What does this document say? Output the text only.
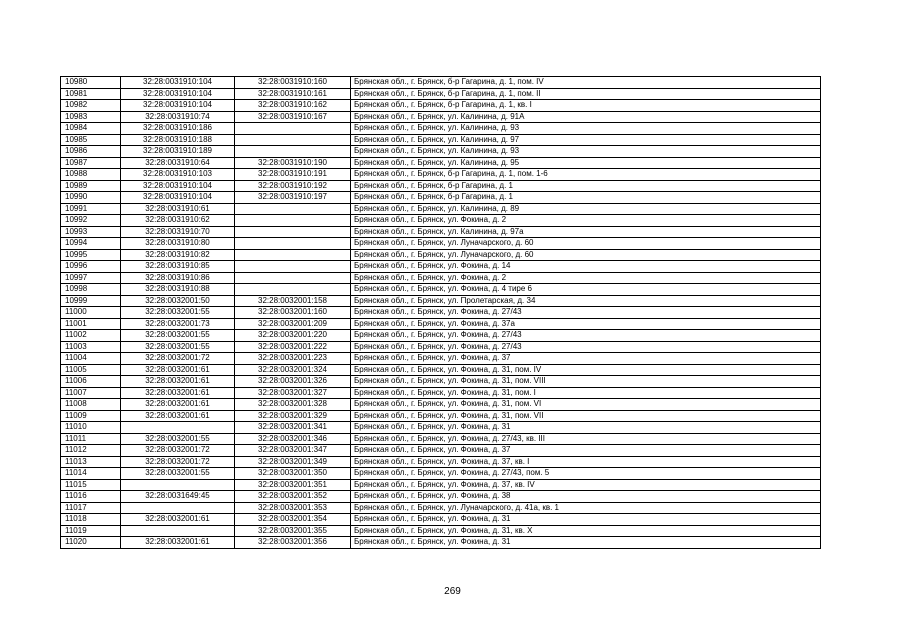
10980	32:28:0031910:104	32:28:0031910:160	Брянская обл., г. Брянск, б-р Гагарина, д. 1, пом. IV
10981	32:28:0031910:104	32:28:0031910:161	Брянская обл., г. Брянск, б-р Гагарина, д. 1, пом. II
10982	32:28:0031910:104	32:28:0031910:162	Брянская обл., г. Брянск, б-р Гагарина, д. 1, кв. I
10983	32:28:0031910:74	32:28:0031910:167	Брянская обл., г. Брянск, ул. Калинина, д. 91А
10984	32:28:0031910:186		Брянская обл., г. Брянск, ул. Калинина, д. 93
10985	32:28:0031910:188		Брянская обл., г. Брянск, ул. Калинина, д. 97
10986	32:28:0031910:189		Брянская обл., г. Брянск, ул. Калинина, д. 93
10987	32:28:0031910:64	32:28:0031910:190	Брянская обл., г. Брянск, ул. Калинина, д. 95
10988	32:28:0031910:103	32:28:0031910:191	Брянская обл., г. Брянск, б-р Гагарина, д. 1, пом. 1-6
10989	32:28:0031910:104	32:28:0031910:192	Брянская обл., г. Брянск, б-р Гагарина, д. 1
10990	32:28:0031910:104	32:28:0031910:197	Брянская обл., г. Брянск, б-р Гагарина, д. 1
10991	32:28:0031910:61		Брянская обл., г. Брянск, ул. Калинина, д. 89
10992	32:28:0031910:62		Брянская обл., г. Брянск, ул. Фокина, д. 2
10993	32:28:0031910:70		Брянская обл., г. Брянск, ул. Калинина, д. 97а
10994	32:28:0031910:80		Брянская обл., г. Брянск, ул. Луначарского, д. 60
10995	32:28:0031910:82		Брянская обл., г. Брянск, ул. Луначарского, д. 60
10996	32:28:0031910:85		Брянская обл., г. Брянск, ул. Фокина, д. 14
10997	32:28:0031910:86		Брянская обл., г. Брянск, ул. Фокина, д. 2
10998	32:28:0031910:88		Брянская обл., г. Брянск, ул. Фокина, д. 4 тире 6
10999	32:28:0032001:50	32:28:0032001:158	Брянская обл., г. Брянск, ул. Пролетарская, д. 34
11000	32:28:0032001:55	32:28:0032001:160	Брянская обл., г. Брянск, ул. Фокина, д. 27/43
11001	32:28:0032001:73	32:28:0032001:209	Брянская обл., г. Брянск, ул. Фокина, д. 37а
11002	32:28:0032001:55	32:28:0032001:220	Брянская обл., г. Брянск, ул. Фокина, д. 27/43
11003	32:28:0032001:55	32:28:0032001:222	Брянская обл., г. Брянск, ул. Фокина, д. 27/43
11004	32:28:0032001:72	32:28:0032001:223	Брянская обл., г. Брянск, ул. Фокина, д. 37
11005	32:28:0032001:61	32:28:0032001:324	Брянская обл., г. Брянск, ул. Фокина, д. 31, пом. IV
11006	32:28:0032001:61	32:28:0032001:326	Брянская обл., г. Брянск, ул. Фокина, д. 31, пом. VIII
11007	32:28:0032001:61	32:28:0032001:327	Брянская обл., г. Брянск, ул. Фокина, д. 31, пом. I
11008	32:28:0032001:61	32:28:0032001:328	Брянская обл., г. Брянск, ул. Фокина, д. 31, пом. VI
11009	32:28:0032001:61	32:28:0032001:329	Брянская обл., г. Брянск, ул. Фокина, д. 31, пом. VII
11010		32:28:0032001:341	Брянская обл., г. Брянск, ул. Фокина, д. 31
11011	32:28:0032001:55	32:28:0032001:346	Брянская обл., г. Брянск, ул. Фокина, д. 27/43, кв. III
11012	32:28:0032001:72	32:28:0032001:347	Брянская обл., г. Брянск, ул. Фокина, д. 37
11013	32:28:0032001:72	32:28:0032001:349	Брянская обл., г. Брянск, ул. Фокина, д. 37, кв. I
11014	32:28:0032001:55	32:28:0032001:350	Брянская обл., г. Брянск, ул. Фокина, д. 27/43, пом. 5
11015		32:28:0032001:351	Брянская обл., г. Брянск, ул. Фокина, д. 37, кв. IV
11016	32:28:0031649:45	32:28:0032001:352	Брянская обл., г. Брянск, ул. Фокина, д. 38
11017		32:28:0032001:353	Брянская обл., г. Брянск, ул. Луначарского, д. 41а, кв. 1
11018	32:28:0032001:61	32:28:0032001:354	Брянская обл., г. Брянск, ул. Фокина, д. 31
11019		32:28:0032001:355	Брянская обл., г. Брянск, ул. Фокина, д. 31, кв. X
11020	32:28:0032001:61	32:28:0032001:356	Брянская обл., г. Брянск, ул. Фокина, д. 31
269
